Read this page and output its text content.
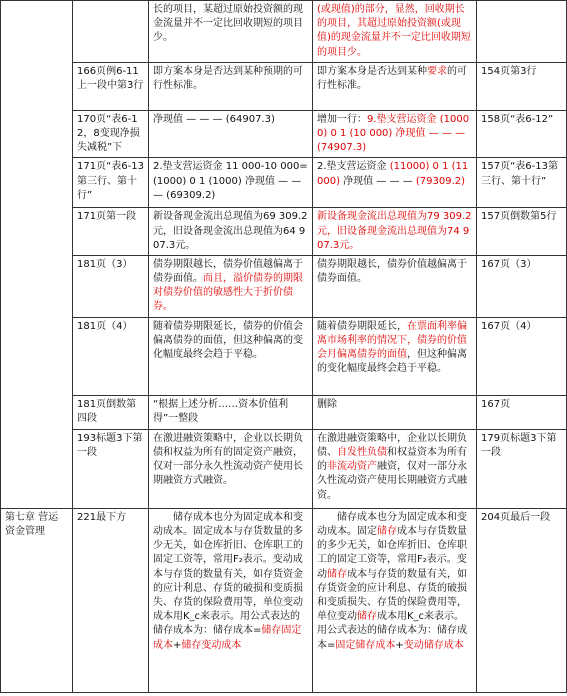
		长的项目，某超过原始投资额的现金流量并不一定比回收期短的项目少。	(或现值)的部分，显然，回收期长的项目，其超过原始投资额(或现值)的现金流量并不一定比回收期短的项目少。	
	166页例6-11上一段中第3行	即方案本身是否达到某种预期的可行性标准。	即方案本身是否达到某种要求的可行性标准。	154页第3行
	170页“表6-12，8变现净损失减税”下	净现值 — — — (64907.3)	增加一行：9.垫支营运资金 (10000) 0 1 (10 000) 净现值 — — — (74907.3)	158页“表6-12”
	171页“表6-13第三行、第十行”	2.垫支营运资金 11 000-10 000=(1000) 0 1 (1000) 净现值 — — — (69309.2)	2.垫支营运资金 (11000) 0 1 (11000) 净现值 — — — (79309.2)	157页“表6-13第三行、第十行”
	171页第一段	新设备现金流出总现值为69 309.2元，旧设备现金流出总现值为64 907.3元。	新设备现金流出总现值为79 309.2元，旧设备现金流出总现值为74 907.3元。	157页倒数第5行
	181页（3）	债券期限越长，债券价值越偏离于债券面值。而且，溢价债券的期限对债券价值的敏感性大于折价债券。	债券期限越长，债券价值越偏离于债券面值。	167页（3）
	181页（4）	随着债券期限延长，债券的价值会偏离债券的面值，但这种偏离的变化幅度最终会趋于平稳。	随着债券期限延长，在票面利率偏离市场利率的情况下，债券的价值会月偏离债券的面值，但这种偏离的变化幅度最终会趋于平稳。	167页（4）
	181页倒数第四段	“根据上述分析……资本价值利得”一整段	删除	167页
	193标题3下第一段	在激进融资策略中，企业以长期负债和权益为所有的固定资产融资，仅对一部分永久性流动资产使用长期融资方式融资。	在激进融资策略中，企业以长期负债、自发性负债和权益资本为所有的非流动资产融资，仅对一部分永久性流动资产使用长期融资方式融资。	179页标题3下第一段
第七章 营运资金管理	221最下方	储存成本也分为固定成本和变动成本。固定成本与存货数量的多少无关，如仓库折旧、仓库职工的固定工资等，常用F₂表示。变动成本与存货的数量有关，如存货资金的应计利息、存货的破损和变质损失、存货的保险费用等，单位变动成本用K_c来表示。用公式表达的储存成本为：储存成本=储存固定成本+储存变动成本	储存成本也分为固定成本和变动成本。固定储存成本与存货数量的多少无关，如仓库折旧、仓库职工的固定工资等，常用F₂表示。变动储存成本与存货的数量有关，如存货资金的应计利息、存货的破损和变质损失、存货的保险费用等，单位变动储存成本用K_c来表示。用公式表达的储存成本为：储存成本=固定储存成本+变动储存成本	204页最后一段
